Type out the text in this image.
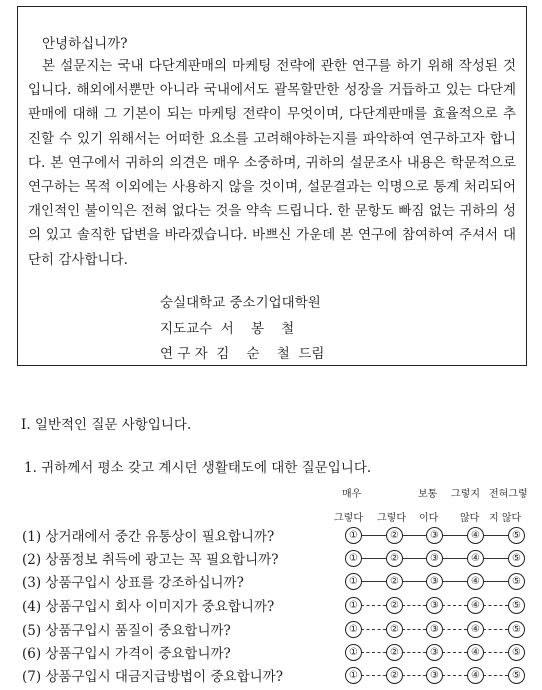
안녕하십니까?

본 설문지는 국내 다단계판매의 마케팅 전략에 관한 연구를 하기 위해 작성된 것입니다. 해외에서뿐만 아니라 국내에서도 괄목할만한 성장을 거듭하고 있는 다단계판매에 대해 그 기본이 되는 마케팅 전략이 무엇이며, 다단계판매를 효율적으로 추진할 수 있기 위해서는 어떠한 요소를 고려해야하는지를 파악하여 연구하고자 합니다. 본 연구에서 귀하의 의견은 매우 소중하며, 귀하의 설문조사 내용은 학문적으로 연구하는 목적 이외에는 사용하지 않을 것이며, 설문결과는 익명으로 통계 처리되어 개인적인 불이익은 전혀 없다는 것을 약속 드립니다. 한 문항도 빠짐 없는 귀하의 성의 있고 솔직한 답변을 바라겠습니다. 바쁘신 가운데 본 연구에 참여하여 주셔서 대단히 감사합니다.

숭실대학교 중소기업대학원
지도교수  서    봉    철
연 구 자  김    순    철  드림
Ⅰ. 일반적인 질문 사항입니다.
1. 귀하께서 평소 갖고 계시던 생활태도에 대한 질문입니다.
매우	보통 그렇지 전혀그렇
그렇다 그렇다 이다 않다 지 않다
(1) 상거래에서 중간 유통상이 필요합니까?	①	②	③	④	⑤
(2) 상품정보 취득에 광고는 꼭 필요합니까?	①	②	③	④	⑤
(3) 상품구입시 상표를 강조하십니까?	①	②	③	④	⑤
(4) 상품구입시 회사 이미지가 중요합니까?	①	②	③	④	⑤
(5) 상품구입시 품질이 중요합니까?	①	②	③	④	⑤
(6) 상품구입시 가격이 중요합니까?	①	②	③	④	⑤
(7) 상품구입시 대금지급방법이 중요합니까?	①	②	③	④	⑤
